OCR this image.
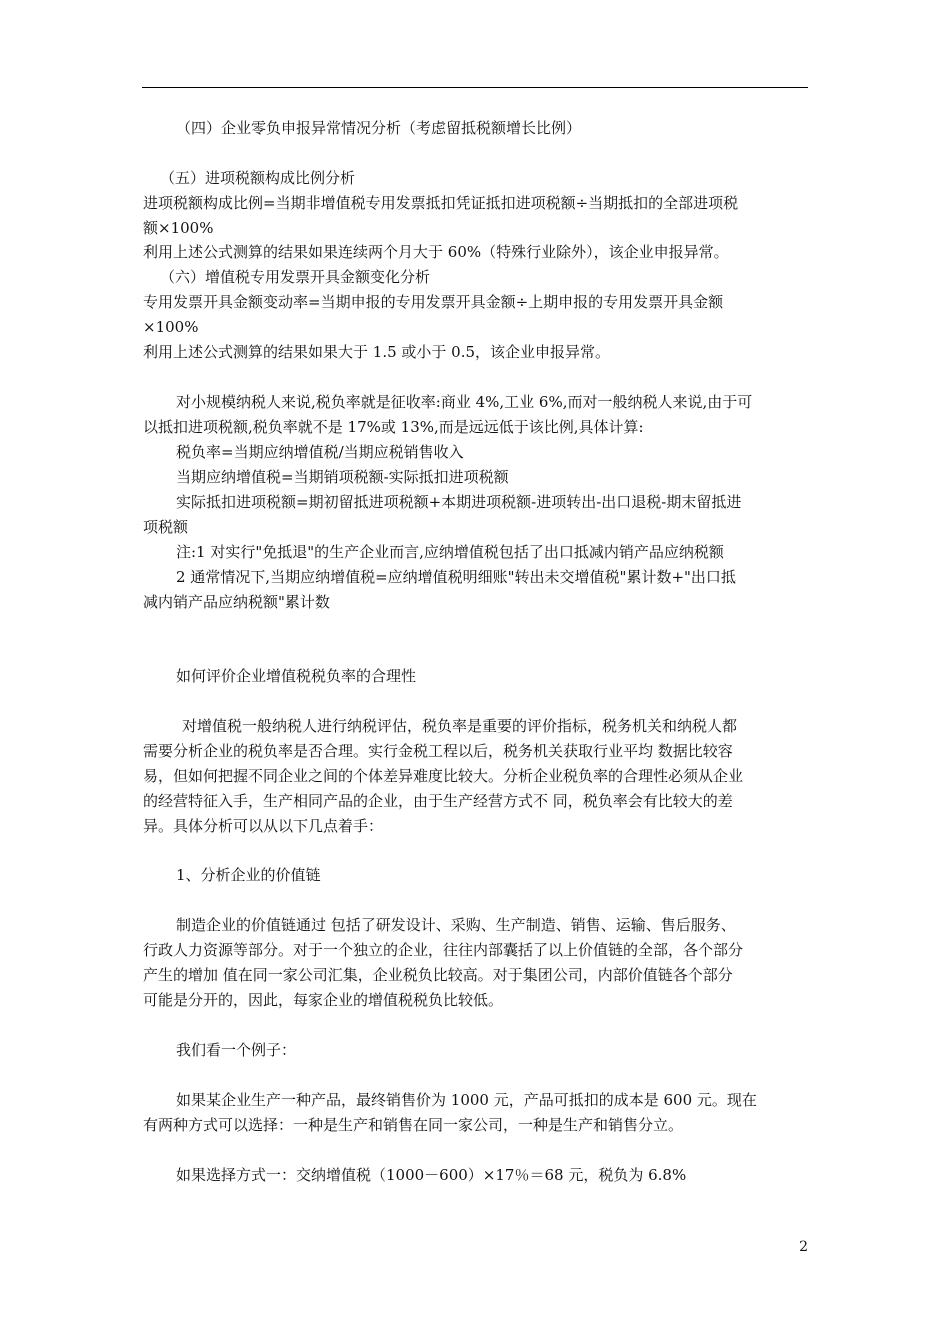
（四）企业零负申报异常情况分析（考虑留抵税额增长比例）
（五）进项税额构成比例分析
进项税额构成比例=当期非增值税专用发票抵扣凭证抵扣进项税额÷当期抵扣的全部进项税
额×100%
利用上述公式测算的结果如果连续两个月大于 60%（特殊行业除外），该企业申报异常。
（六）增值税专用发票开具金额变化分析
专用发票开具金额变动率=当期申报的专用发票开具金额÷上期申报的专用发票开具金额
×100%
利用上述公式测算的结果如果大于 1.5 或小于 0.5，该企业申报异常。
对小规模纳税人来说,税负率就是征收率:商业 4%,工业 6%,而对一般纳税人来说,由于可
以抵扣进项税额,税负率就不是 17%或 13%,而是远远低于该比例,具体计算:
税负率=当期应纳增值税/当期应税销售收入
当期应纳增值税=当期销项税额-实际抵扣进项税额
实际抵扣进项税额=期初留抵进项税额+本期进项税额-进项转出-出口退税-期末留抵进
项税额
注:1 对实行"免抵退"的生产企业而言,应纳增值税包括了出口抵减内销产品应纳税额
2 通常情况下,当期应纳增值税=应纳增值税明细账"转出未交增值税"累计数+"出口抵
减内销产品应纳税额"累计数
如何评价企业增值税税负率的合理性
对增值税一般纳税人进行纳税评估，税负率是重要的评价指标，税务机关和纳税人都
需要分析企业的税负率是否合理。实行金税工程以后，税务机关获取行业平均 数据比较容
易，但如何把握不同企业之间的个体差异难度比较大。分析企业税负率的合理性必须从企业
的经营特征入手，生产相同产品的企业，由于生产经营方式不 同，税负率会有比较大的差
异。具体分析可以从以下几点着手：
1、分析企业的价值链
制造企业的价值链通过 包括了研发设计、采购、生产制造、销售、运输、售后服务、
行政人力资源等部分。对于一个独立的企业，往往内部囊括了以上价值链的全部，各个部分
产生的增加 值在同一家公司汇集，企业税负比较高。对于集团公司，内部价值链各个部分
可能是分开的，因此，每家企业的增值税税负比较低。
我们看一个例子：
如果某企业生产一种产品，最终销售价为 1000 元，产品可抵扣的成本是 600 元。现在
有两种方式可以选择：一种是生产和销售在同一家公司，一种是生产和销售分立。
如果选择方式一：交纳增值税（1000－600）×17％＝68 元，税负为 6.8%
2
